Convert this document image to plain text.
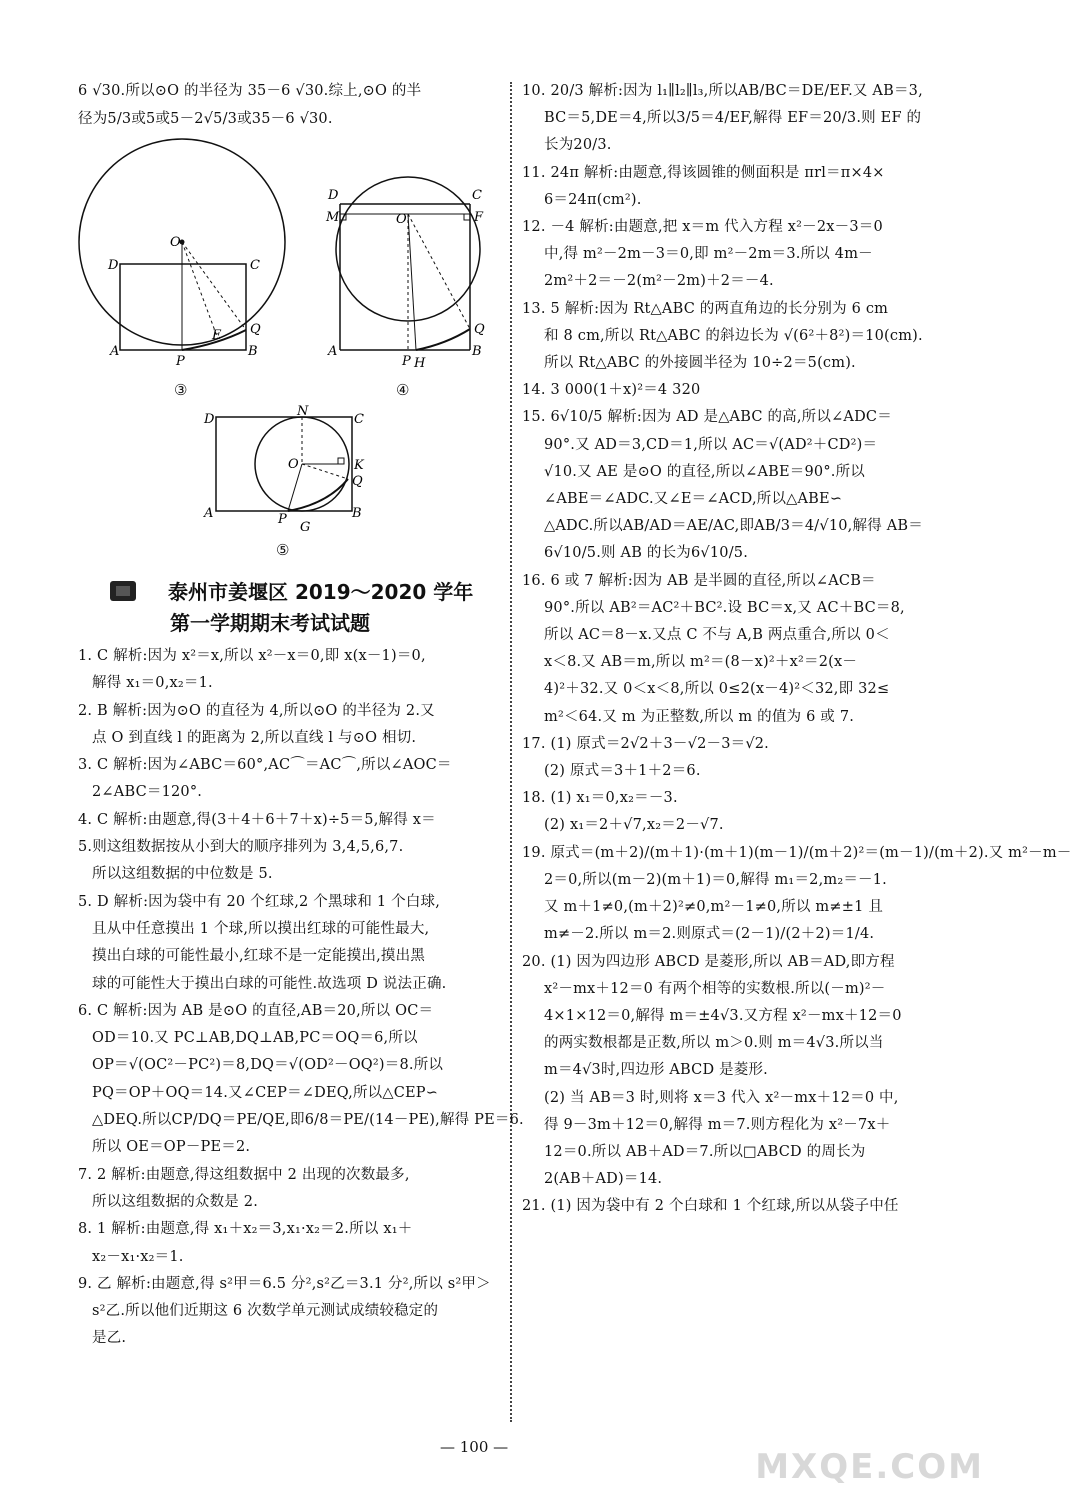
6 √30.所以⊙O 的半径为 35－6 √30.综上,⊙O 的半

径为5/3或5或5－2√5/3或35－6 √30.

O
D	C
A
P
E Q
B
③
D	C
M	O	F
A
P H
Q
B
④
N
D	C
O	K
Q
A	P
G
B
⑤
泰州市姜堰区 2019～2020 学年
第一学期期末考试试题

1. C 解析:因为 x²＝x,所以 x²－x＝0,即 x(x－1)＝0,

解得 x₁＝0,x₂＝1.

2. B 解析:因为⊙O 的直径为 4,所以⊙O 的半径为 2.又

点 O 到直线 l 的距离为 2,所以直线 l 与⊙O 相切.

3. C 解析:因为∠ABC＝60°,AC⌒＝AC⌒,所以∠AOC＝

2∠ABC＝120°.

4. C 解析:由题意,得(3＋4＋6＋7＋x)÷5＝5,解得 x＝

5.则这组数据按从小到大的顺序排列为 3,4,5,6,7.

所以这组数据的中位数是 5.

5. D 解析:因为袋中有 20 个红球,2 个黑球和 1 个白球,

且从中任意摸出 1 个球,所以摸出红球的可能性最大,

摸出白球的可能性最小,红球不是一定能摸出,摸出黑

球的可能性大于摸出白球的可能性.故选项 D 说法正确.

6. C 解析:因为 AB 是⊙O 的直径,AB＝20,所以 OC＝

OD＝10.又 PC⊥AB,DQ⊥AB,PC＝OQ＝6,所以

OP＝√(OC²－PC²)＝8,DQ＝√(OD²－OQ²)＝8.所以

PQ＝OP＋OQ＝14.又∠CEP＝∠DEQ,所以△CEP∽

△DEQ.所以CP/DQ＝PE/QE,即6/8＝PE/(14－PE),解得 PE＝6.

所以 OE＝OP－PE＝2.

7. 2 解析:由题意,得这组数据中 2 出现的次数最多,

所以这组数据的众数是 2.

8. 1 解析:由题意,得 x₁＋x₂＝3,x₁·x₂＝2.所以 x₁＋

x₂－x₁·x₂＝1.

9. 乙 解析:由题意,得 s²甲＝6.5 分²,s²乙＝3.1 分²,所以 s²甲＞

s²乙.所以他们近期这 6 次数学单元测试成绩较稳定的

是乙.

10. 20/3 解析:因为 l₁∥l₂∥l₃,所以AB/BC＝DE/EF.又 AB＝3,

BC＝5,DE＝4,所以3/5＝4/EF,解得 EF＝20/3.则 EF 的

长为20/3.

11. 24π 解析:由题意,得该圆锥的侧面积是 πrl＝π×4×

6＝24π(cm²).

12. －4 解析:由题意,把 x＝m 代入方程 x²－2x－3＝0

中,得 m²－2m－3＝0,即 m²－2m＝3.所以 4m－

2m²＋2＝－2(m²－2m)＋2＝－4.

13. 5 解析:因为 Rt△ABC 的两直角边的长分别为 6 cm

和 8 cm,所以 Rt△ABC 的斜边长为 √(6²＋8²)＝10(cm).

所以 Rt△ABC 的外接圆半径为 10÷2＝5(cm).

14. 3 000(1＋x)²＝4 320

15. 6√10/5 解析:因为 AD 是△ABC 的高,所以∠ADC＝

90°.又 AD＝3,CD＝1,所以 AC＝√(AD²＋CD²)＝

√10.又 AE 是⊙O 的直径,所以∠ABE＝90°.所以

∠ABE＝∠ADC.又∠E＝∠ACD,所以△ABE∽

△ADC.所以AB/AD＝AE/AC,即AB/3＝4/√10,解得 AB＝

6√10/5.则 AB 的长为6√10/5.

16. 6 或 7 解析:因为 AB 是半圆的直径,所以∠ACB＝

90°.所以 AB²＝AC²＋BC².设 BC＝x,又 AC＋BC＝8,

所以 AC＝8－x.又点 C 不与 A,B 两点重合,所以 0＜

x＜8.又 AB＝m,所以 m²＝(8－x)²＋x²＝2(x－

4)²＋32.又 0＜x＜8,所以 0≤2(x－4)²＜32,即 32≤

m²＜64.又 m 为正整数,所以 m 的值为 6 或 7.

17. (1) 原式＝2√2＋3－√2－3＝√2.

(2) 原式＝3＋1＋2＝6.

18. (1) x₁＝0,x₂＝－3.

(2) x₁＝2＋√7,x₂＝2－√7.

19. 原式＝(m＋2)/(m＋1)·(m＋1)(m－1)/(m＋2)²＝(m－1)/(m＋2).又 m²－m－

2＝0,所以(m－2)(m＋1)＝0,解得 m₁＝2,m₂＝－1.

又 m＋1≠0,(m＋2)²≠0,m²－1≠0,所以 m≠±1 且

m≠－2.所以 m＝2.则原式＝(2－1)/(2＋2)＝1/4.

20. (1) 因为四边形 ABCD 是菱形,所以 AB＝AD,即方程

x²－mx＋12＝0 有两个相等的实数根.所以(－m)²－

4×1×12＝0,解得 m＝±4√3.又方程 x²－mx＋12＝0

的两实数根都是正数,所以 m＞0.则 m＝4√3.所以当

m＝4√3时,四边形 ABCD 是菱形.

(2) 当 AB＝3 时,则将 x＝3 代入 x²－mx＋12＝0 中,

得 9－3m＋12＝0,解得 m＝7.则方程化为 x²－7x＋

12＝0.所以 AB＋AD＝7.所以□ABCD 的周长为

2(AB＋AD)＝14.

21. (1) 因为袋中有 2 个白球和 1 个红球,所以从袋子中任

— 100 —	MXQE.COM
